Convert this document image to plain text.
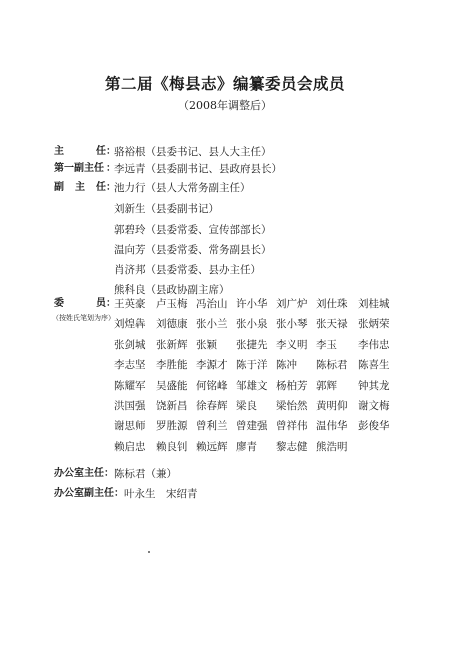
第二届《梅县志》编纂委员会成员
（2008年调整后）
主	任 ：
骆裕根（县委书记、县人大主任）
第一副主任 ：
李远青（县委副书记、县政府县长）
副 主 任 ：
池力行（县人大常务副主任）
刘新生（县委副书记）
郭碧玲（县委常委、宣传部部长）
温向芳（县委常委、常务副县长）
肖济邦（县委常委、县办主任）
熊科良（县政协副主席）
委	员 ：
王英豪	卢玉梅 冯治山 许小华 刘广炉 刘仕珠	刘桂城
刘煌犇	刘德康 张小兰 张小泉 张小琴 张天禄	张炳荣
张剑城	张新辉 张颖	张捷先 李义明 李玉	李伟忠
李志坚	李胜能 李源才 陈于洋 陈冲	陈标君	陈喜生
陈耀军	吴盛能 何铭峰 邹雄文 杨柏芳 郭辉	钟其龙
洪国强	饶新昌 徐春辉 梁良	梁怡然 黄明仰	谢文梅
谢思师	罗胜源 曾利兰 曾建强 曾祥伟 温伟华	彭俊华
赖启忠	赖良钊 赖远辉 廖青	黎志健 熊浩明
办公室主任： 陈标君（兼）
办公室副主任： 叶永生 宋绍青
（按姓氏笔划为序）
